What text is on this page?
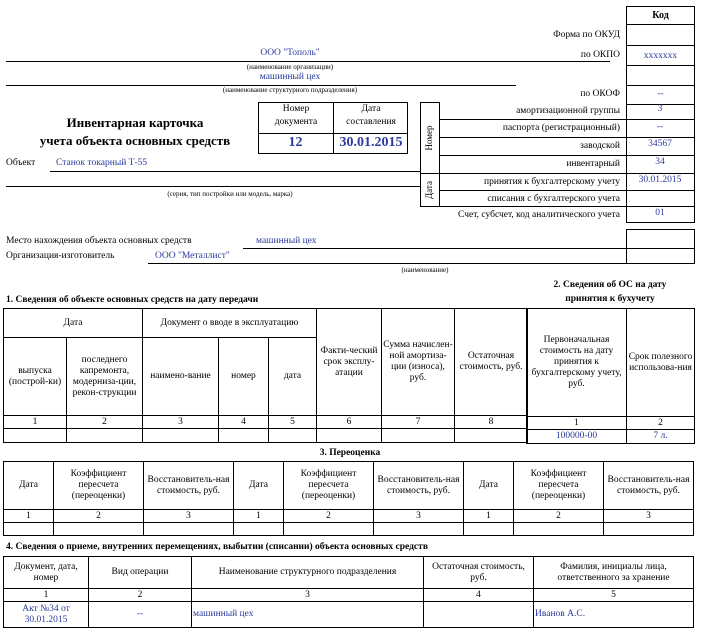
Код
Форма по ОКУД
по ОКПО	xxxxxxx
по ОКОФ	--
ООО "Тополь"
(наименование организации)
машинный цех
(наименование структурного подразделения)
Инвентарная карточка
учета объекта основных средств
Номер документа
Дата составления
12	30.01.2015	Номер
Дата
амортизационной группы	3
паспорта (регистрационный)	--
заводской	34567
инвентарный	34
принятия к бухгалтерскому учету	30.01.2015
списания с бухгалтерского учета
Счет, субсчет, код аналитического учета	01
Объект Станок токарный Т-55
(серия, тип постройки или модель, марка)
Место нахождения объекта основных средств	машинный цех
Организация-изготовитель	ООО "Металлист"
(наименование)
1. Сведения об объекте основных средств на дату передачи
2. Сведения об ОС на дату
принятия к бухучету
Дата		Документ о вводе в эксплуатацию			Факти-ческий срок эксплу-атации	Сумма начислен-ной амортиза-ции (износа), руб.	Остаточная стоимость, руб.
выпуска (построй-ки)	последнего капремонта, модерниза-ции, рекон-струкции	наимено-вание	номер	дата			
1	2	3	4	5	6	7	8

Первоначальная стоимость на дату принятия к бухгалтерскому учету, руб.	Срок полезного использова-ния
1	2
100000-00	7 л.
3. Переоценка
Дата	Коэффициент пересчета (переоценки)	Восстановитель-ная стоимость, руб.	Дата	Коэффициент пересчета (переоценки)	Восстановитель-ная стоимость, руб.	Дата	Коэффициент пересчета (переоценки)	Восстановитель-ная стоимость, руб.
1	2	3	1	2	3	1	2	3

4. Сведения о приеме, внутренних перемещениях, выбытии (списании) объекта основных средств
Документ, дата, номер	Вид операции	Наименование структурного подразделения	Остаточная стоимость, руб.	Фамилия, инициалы лица, ответственного за хранение
1	2	3	4	5
Акт №34 от 30.01.2015	--	машинный цех		Иванов А.С.
